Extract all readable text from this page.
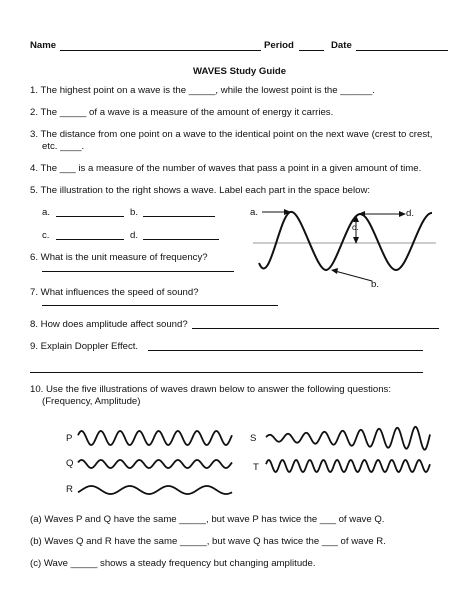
Name	Period	Date
WAVES Study Guide
1. The highest point on a wave is the _____, while the lowest point is the ______.
2. The _____ of a wave is a measure of the amount of energy it carries.
3. The distance from one point on a wave to the identical point on the next wave (crest to crest,
etc. ____.
4. The ___ is a measure of the number of waves that pass a point in a given amount of time.
5. The illustration to the right shows a wave. Label each part in the space below:
a.	b.
c.	d.
a.	d.
c.
b.
6. What is the unit measure of frequency?
7. What influences the speed of sound?
8. How does amplitude affect sound?
9. Explain Doppler Effect.
10. Use the five illustrations of waves drawn below to answer the following questions:
(Frequency, Amplitude)
P
Q
R
S
T
(a) Waves P and Q have the same _____, but wave P has twice the ___ of wave Q.
(b) Waves Q and R have the same _____, but wave Q has twice the ___ of wave R.
(c) Wave _____ shows a steady frequency but changing amplitude.
